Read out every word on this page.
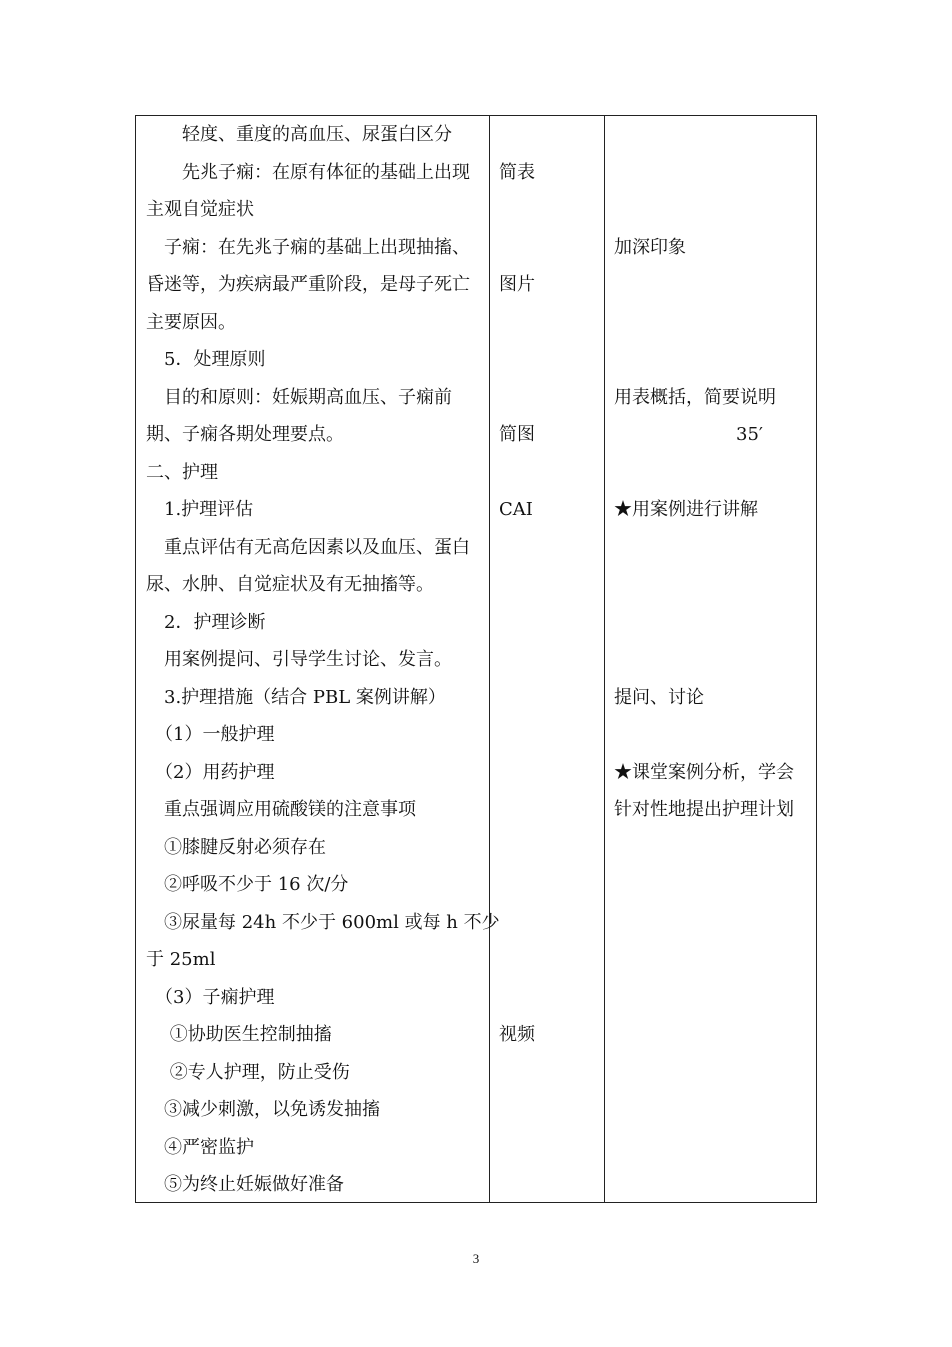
　　轻度、重度的高血压、尿蛋白区分
　　先兆子痫：在原有体征的基础上出现
主观自觉症状
　子痫：在先兆子痫的基础上出现抽搐、
昏迷等，为疾病最严重阶段，是母子死亡
主要原因。
　5．处理原则
　目的和原则：妊娠期高血压、子痫前
期、子痫各期处理要点。
二、护理
　1.护理评估
　重点评估有无高危因素以及血压、蛋白
尿、水肿、自觉症状及有无抽搐等。
　2．护理诊断
　用案例提问、引导学生讨论、发言。
　3.护理措施（结合 PBL 案例讲解）
　（1）一般护理
　（2）用药护理
　重点强调应用硫酸镁的注意事项
　①膝腱反射必须存在
　②呼吸不少于 16 次/分
　③尿量每 24h 不少于 600ml 或每 h 不少
于 25ml
　（3）子痫护理
　 ①协助医生控制抽搐
　 ②专人护理，防止受伤
　③减少刺激，以免诱发抽搐
　④严密监护
　⑤为终止妊娠做好准备
简表
图片
简图
CAI
视频
加深印象
用表概括，简要说明
35′
★用案例进行讲解
提问、讨论
★课堂案例分析，学会
针对性地提出护理计划
3
